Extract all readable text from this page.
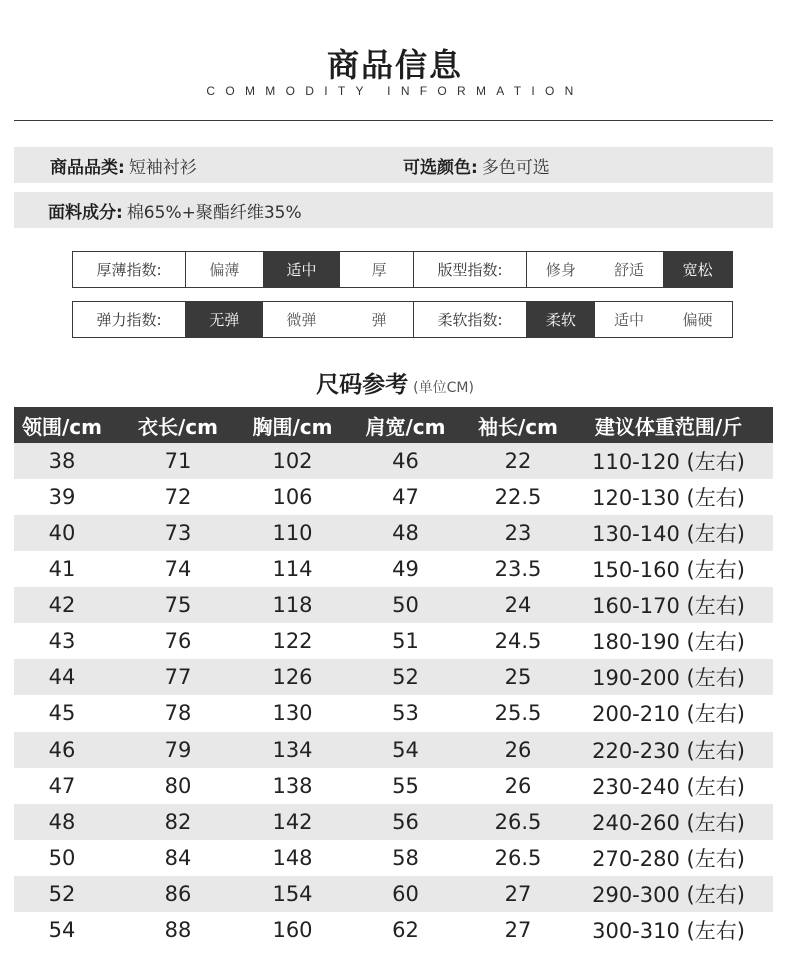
商品信息
COMMODITY INFORMATION
商品品类: 短袖衬衫	可选颜色: 多色可选
面料成分: 棉65%+聚酯纤维35%
厚薄指数:	偏薄	适中	厚	版型指数:	修身	舒适	宽松
弹力指数:	无弹	微弹	弹	柔软指数:	柔软	适中	偏硬
尺码参考 (单位CM)
领围/cm	衣长/cm	胸围/cm	肩宽/cm	袖长/cm	建议体重范围/斤
38	71	102	46	22	110-120 (左右)
39	72	106	47	22.5	120-130 (左右)
40	73	110	48	23	130-140 (左右)
41	74	114	49	23.5	150-160 (左右)
42	75	118	50	24	160-170 (左右)
43	76	122	51	24.5	180-190 (左右)
44	77	126	52	25	190-200 (左右)
45	78	130	53	25.5	200-210 (左右)
46	79	134	54	26	220-230 (左右)
47	80	138	55	26	230-240 (左右)
48	82	142	56	26.5	240-260 (左右)
50	84	148	58	26.5	270-280 (左右)
52	86	154	60	27	290-300 (左右)
54	88	160	62	27	300-310 (左右)
